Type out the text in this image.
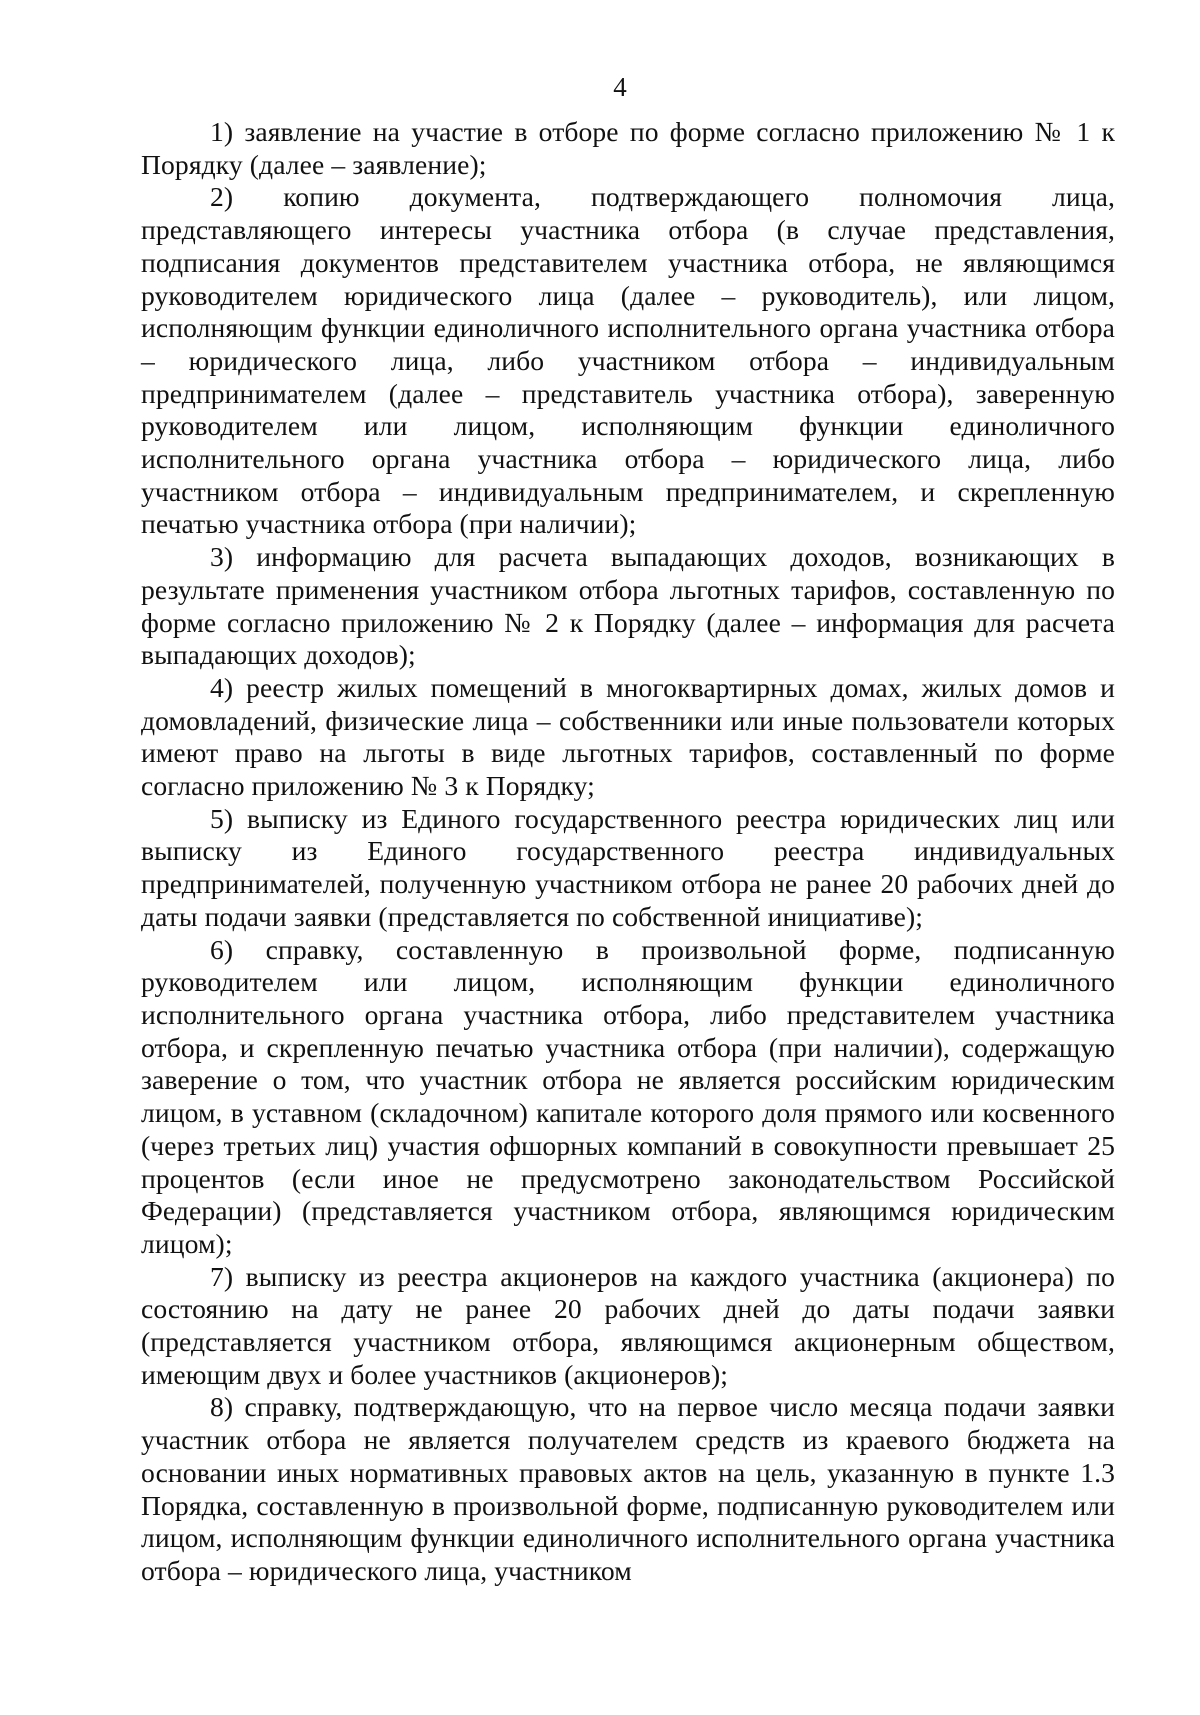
4

1) заявление на участие в отборе по форме согласно приложению № 1 к Порядку (далее – заявление);

2) копию документа, подтверждающего полномочия лица, представляющего интересы участника отбора (в случае представления, подписания документов представителем участника отбора, не являющимся руководителем юридического лица (далее – руководитель), или лицом, исполняющим функции единоличного исполнительного органа участника отбора – юридического лица, либо участником отбора – индивидуальным предпринимателем (далее – представитель участника отбора), заверенную руководителем или лицом, исполняющим функции единоличного исполнительного органа участника отбора – юридического лица, либо участником отбора – индивидуальным предпринимателем, и скрепленную печатью участника отбора (при наличии);

3) информацию для расчета выпадающих доходов, возникающих в результате применения участником отбора льготных тарифов, составленную по форме согласно приложению № 2 к Порядку (далее – информация для расчета выпадающих доходов);

4) реестр жилых помещений в многоквартирных домах, жилых домов и домовладений, физические лица – собственники или иные пользователи которых имеют право на льготы в виде льготных тарифов, составленный по форме согласно приложению № 3 к Порядку;

5) выписку из Единого государственного реестра юридических лиц или выписку из Единого государственного реестра индивидуальных предпринимателей, полученную участником отбора не ранее 20 рабочих дней до даты подачи заявки (представляется по собственной инициативе);

6) справку, составленную в произвольной форме, подписанную руководителем или лицом, исполняющим функции единоличного исполнительного органа участника отбора, либо представителем участника отбора, и скрепленную печатью участника отбора (при наличии), содержащую заверение о том, что участник отбора не является российским юридическим лицом, в уставном (складочном) капитале которого доля прямого или косвенного (через третьих лиц) участия офшорных компаний в совокупности превышает 25 процентов (если иное не предусмотрено законодательством Российской Федерации) (представляется участником отбора, являющимся юридическим лицом);

7) выписку из реестра акционеров на каждого участника (акционера) по состоянию на дату не ранее 20 рабочих дней до даты подачи заявки (представляется участником отбора, являющимся акционерным обществом, имеющим двух и более участников (акционеров);

8) справку, подтверждающую, что на первое число месяца подачи заявки участник отбора не является получателем средств из краевого бюджета на основании иных нормативных правовых актов на цель, указанную в пункте 1.3 Порядка, составленную в произвольной форме, подписанную руководителем или лицом, исполняющим функции единоличного исполнительного органа участника отбора – юридического лица, участником
